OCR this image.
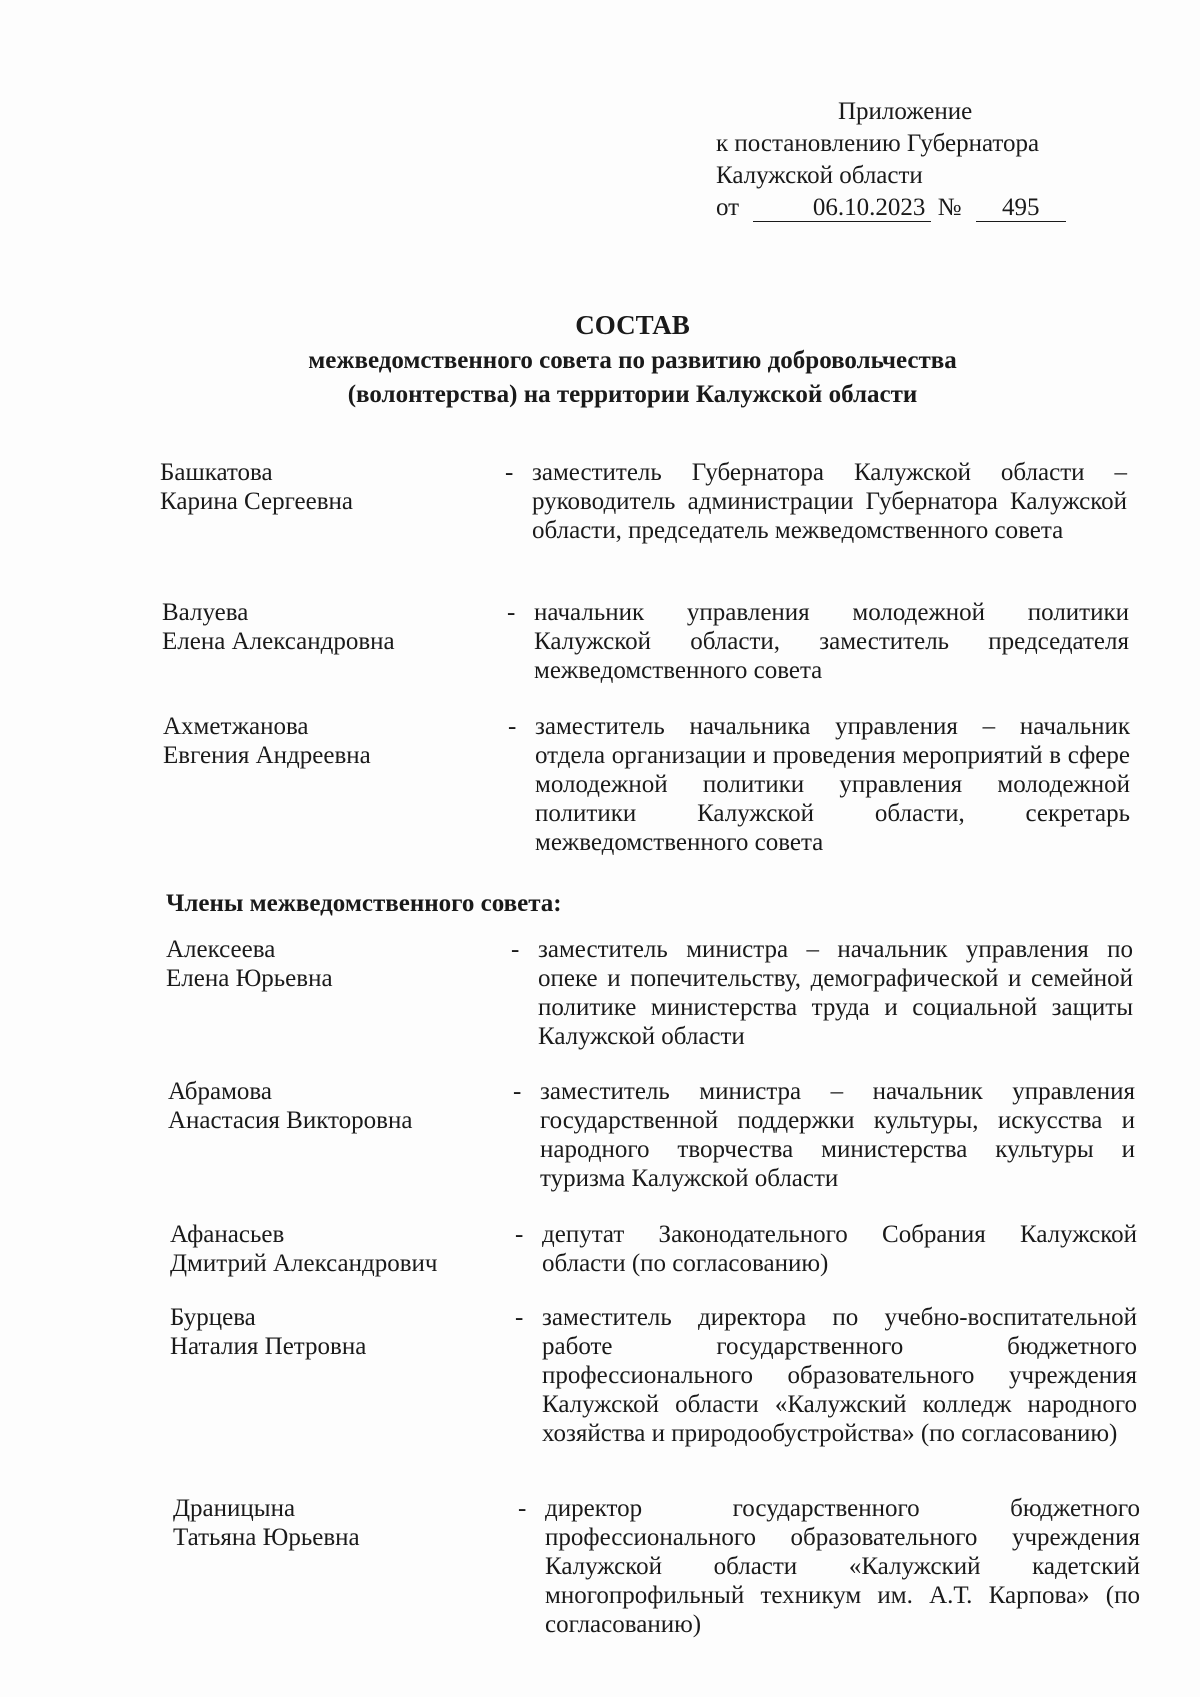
Приложение
к постановлению Губернатора
Калужской области
от	06.10.2023 № 495
СОСТАВ
межведомственного совета по развитию добровольчества
(волонтерства) на территории Калужской области
Башкатова
Карина Сергеевна
- заместитель Губернатора Калужской области – руководитель администрации Губернатора Калужской области, председатель межведомственного совета
Валуева
Елена Александровна
- начальник управления молодежной политики Калужской области, заместитель председателя межведомственного совета
Ахметжанова
Евгения Андреевна
- заместитель начальника управления – начальник отдела организации и проведения мероприятий в сфере молодежной политики управления молодежной политики Калужской области, секретарь межведомственного совета
Члены межведомственного совета:
Алексеева
Елена Юрьевна
- заместитель министра – начальник управления по опеке и попечительству, демографической и семейной политике министерства труда и социальной защиты Калужской области
Абрамова
Анастасия Викторовна
- заместитель министра – начальник управления государственной поддержки культуры, искусства и народного творчества министерства культуры и туризма Калужской области
Афанасьев
Дмитрий Александрович
- депутат Законодательного Собрания Калужской области (по согласованию)
Бурцева
Наталия Петровна
- заместитель директора по учебно-воспитательной работе государственного бюджетного профессионального образовательного учреждения Калужской области «Калужский колледж народного хозяйства и природообустройства» (по согласованию)
Драницына
Татьяна Юрьевна
- директор государственного бюджетного профессионального образовательного учреждения Калужской области «Калужский кадетский многопрофильный техникум им. А.Т. Карпова» (по согласованию)
